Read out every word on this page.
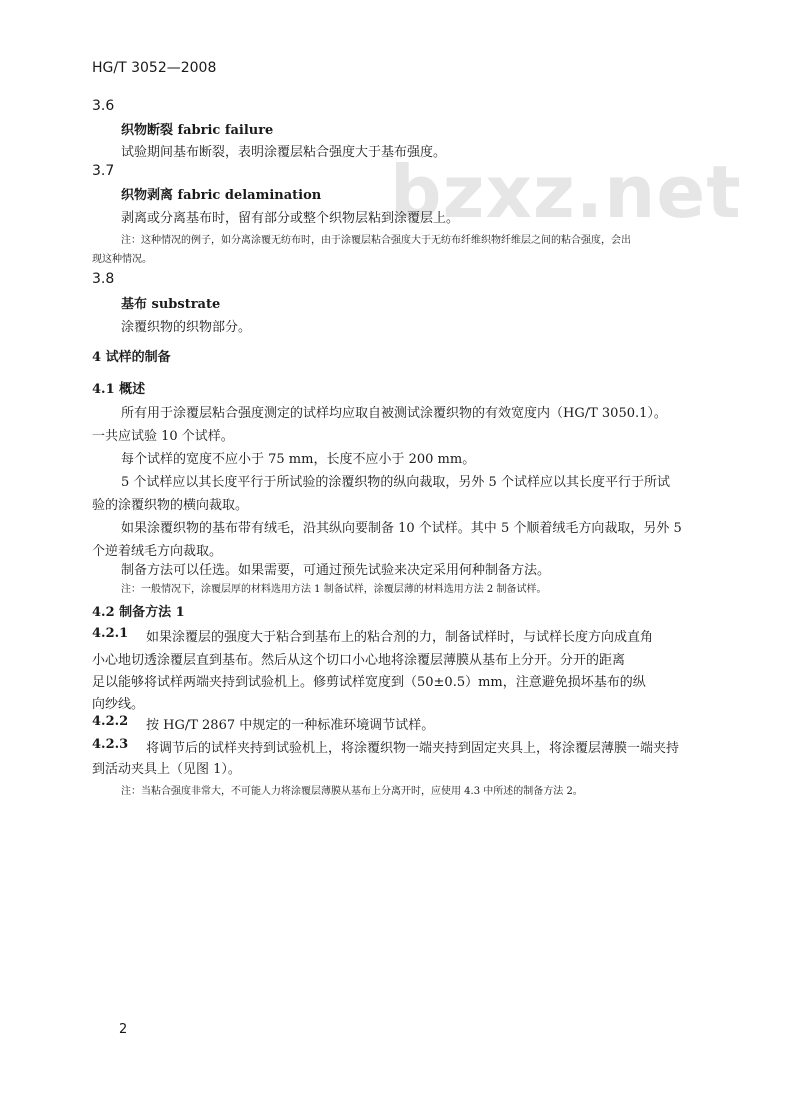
bzxz.net
HG/T 3052—2008
3.6
织物断裂 fabric failure
试验期间基布断裂，表明涂覆层粘合强度大于基布强度。
3.7
织物剥离 fabric delamination
剥离或分离基布时，留有部分或整个织物层粘到涂覆层上。
注：这种情况的例子，如分离涂覆无纺布时，由于涂覆层粘合强度大于无纺布纤维织物纤维层之间的粘合强度，会出
现这种情况。
3.8
基布 substrate
涂覆织物的织物部分。
4 试样的制备
4.1 概述
所有用于涂覆层粘合强度测定的试样均应取自被测试涂覆织物的有效宽度内（HG/T 3050.1）。
一共应试验 10 个试样。
每个试样的宽度不应小于 75 mm，长度不应小于 200 mm。
5 个试样应以其长度平行于所试验的涂覆织物的纵向裁取，另外 5 个试样应以其长度平行于所试
验的涂覆织物的横向裁取。
如果涂覆织物的基布带有绒毛，沿其纵向要制备 10 个试样。其中 5 个顺着绒毛方向裁取，另外 5
个逆着绒毛方向裁取。
制备方法可以任选。如果需要，可通过预先试验来决定采用何种制备方法。
注：一般情况下，涂覆层厚的材料选用方法 1 制备试样，涂覆层薄的材料选用方法 2 制备试样。
4.2 制备方法 1
4.2.1 如果涂覆层的强度大于粘合到基布上的粘合剂的力，制备试样时，与试样长度方向成直角
小心地切透涂覆层直到基布。然后从这个切口小心地将涂覆层薄膜从基布上分开。分开的距离
足以能够将试样两端夹持到试验机上。修剪试样宽度到（50±0.5）mm，注意避免损坏基布的纵
向纱线。
4.2.2 按 HG/T 2867 中规定的一种标准环境调节试样。
4.2.3 将调节后的试样夹持到试验机上，将涂覆织物一端夹持到固定夹具上，将涂覆层薄膜一端夹持
到活动夹具上（见图 1）。
注：当粘合强度非常大，不可能人力将涂覆层薄膜从基布上分离开时，应使用 4.3 中所述的制备方法 2。
2
